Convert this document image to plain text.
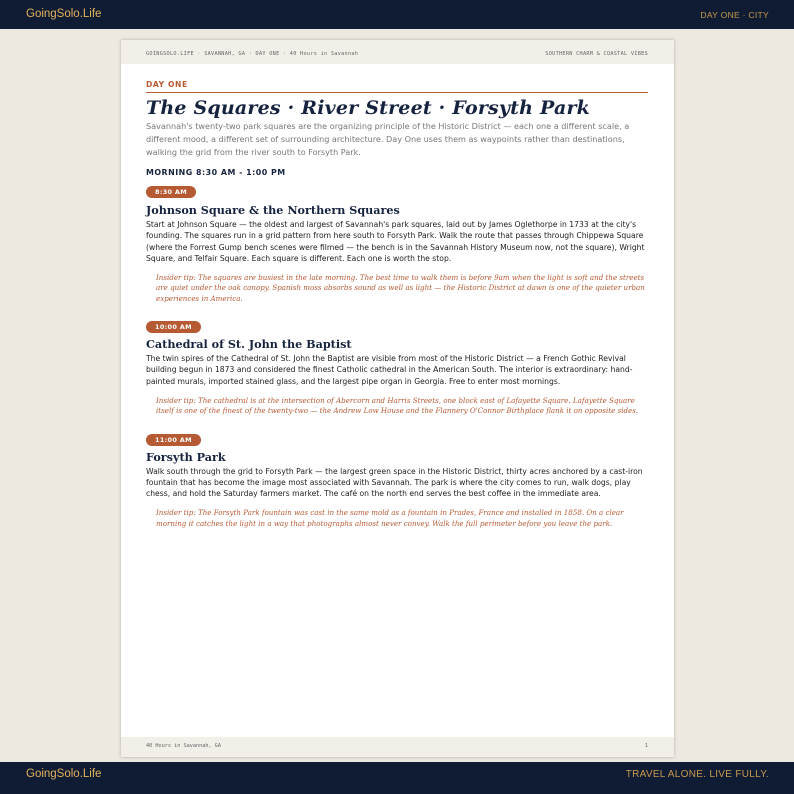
GoingSolo.Life	DAY ONE · CITY
GOINGSOLO.LIFE · SAVANNAH, GA · DAY ONE · 40 Hours in Savannah	SOUTHERN CHARM & COASTAL VIBES
DAY ONE
The Squares · River Street · Forsyth Park

Savannah's twenty-two park squares are the organizing principle of the Historic District — each one a different scale, a different mood, a different set of surrounding architecture. Day One uses them as waypoints rather than destinations, walking the grid from the river south to Forsyth Park.

MORNING 8:30 AM - 1:00 PM
8:30 AM
Johnson Square & the Northern Squares

Start at Johnson Square — the oldest and largest of Savannah's park squares, laid out by James Oglethorpe in 1733 at the city's founding. The squares run in a grid pattern from here south to Forsyth Park. Walk the route that passes through Chippewa Square (where the Forrest Gump bench scenes were filmed — the bench is in the Savannah History Museum now, not the square), Wright Square, and Telfair Square. Each square is different. Each one is worth the stop.

Insider tip: The squares are busiest in the late morning. The best time to walk them is before 9am when the light is soft and the streets are quiet under the oak canopy. Spanish moss absorbs sound as well as light — the Historic District at dawn is one of the quieter urban experiences in America.

10:00 AM
Cathedral of St. John the Baptist

The twin spires of the Cathedral of St. John the Baptist are visible from most of the Historic District — a French Gothic Revival building begun in 1873 and considered the finest Catholic cathedral in the American South. The interior is extraordinary: hand-painted murals, imported stained glass, and the largest pipe organ in Georgia. Free to enter most mornings.

Insider tip: The cathedral is at the intersection of Abercorn and Harris Streets, one block east of Lafayette Square. Lafayette Square itself is one of the finest of the twenty-two — the Andrew Low House and the Flannery O'Connor Birthplace flank it on opposite sides.

11:00 AM
Forsyth Park

Walk south through the grid to Forsyth Park — the largest green space in the Historic District, thirty acres anchored by a cast-iron fountain that has become the image most associated with Savannah. The park is where the city comes to run, walk dogs, play chess, and hold the Saturday farmers market. The café on the north end serves the best coffee in the immediate area.

Insider tip: The Forsyth Park fountain was cast in the same mold as a fountain in Prades, France and installed in 1858. On a clear morning it catches the light in a way that photographs almost never convey. Walk the full perimeter before you leave the park.

40 Hours in Savannah, GA	1
GoingSolo.Life	TRAVEL ALONE. LIVE FULLY.
